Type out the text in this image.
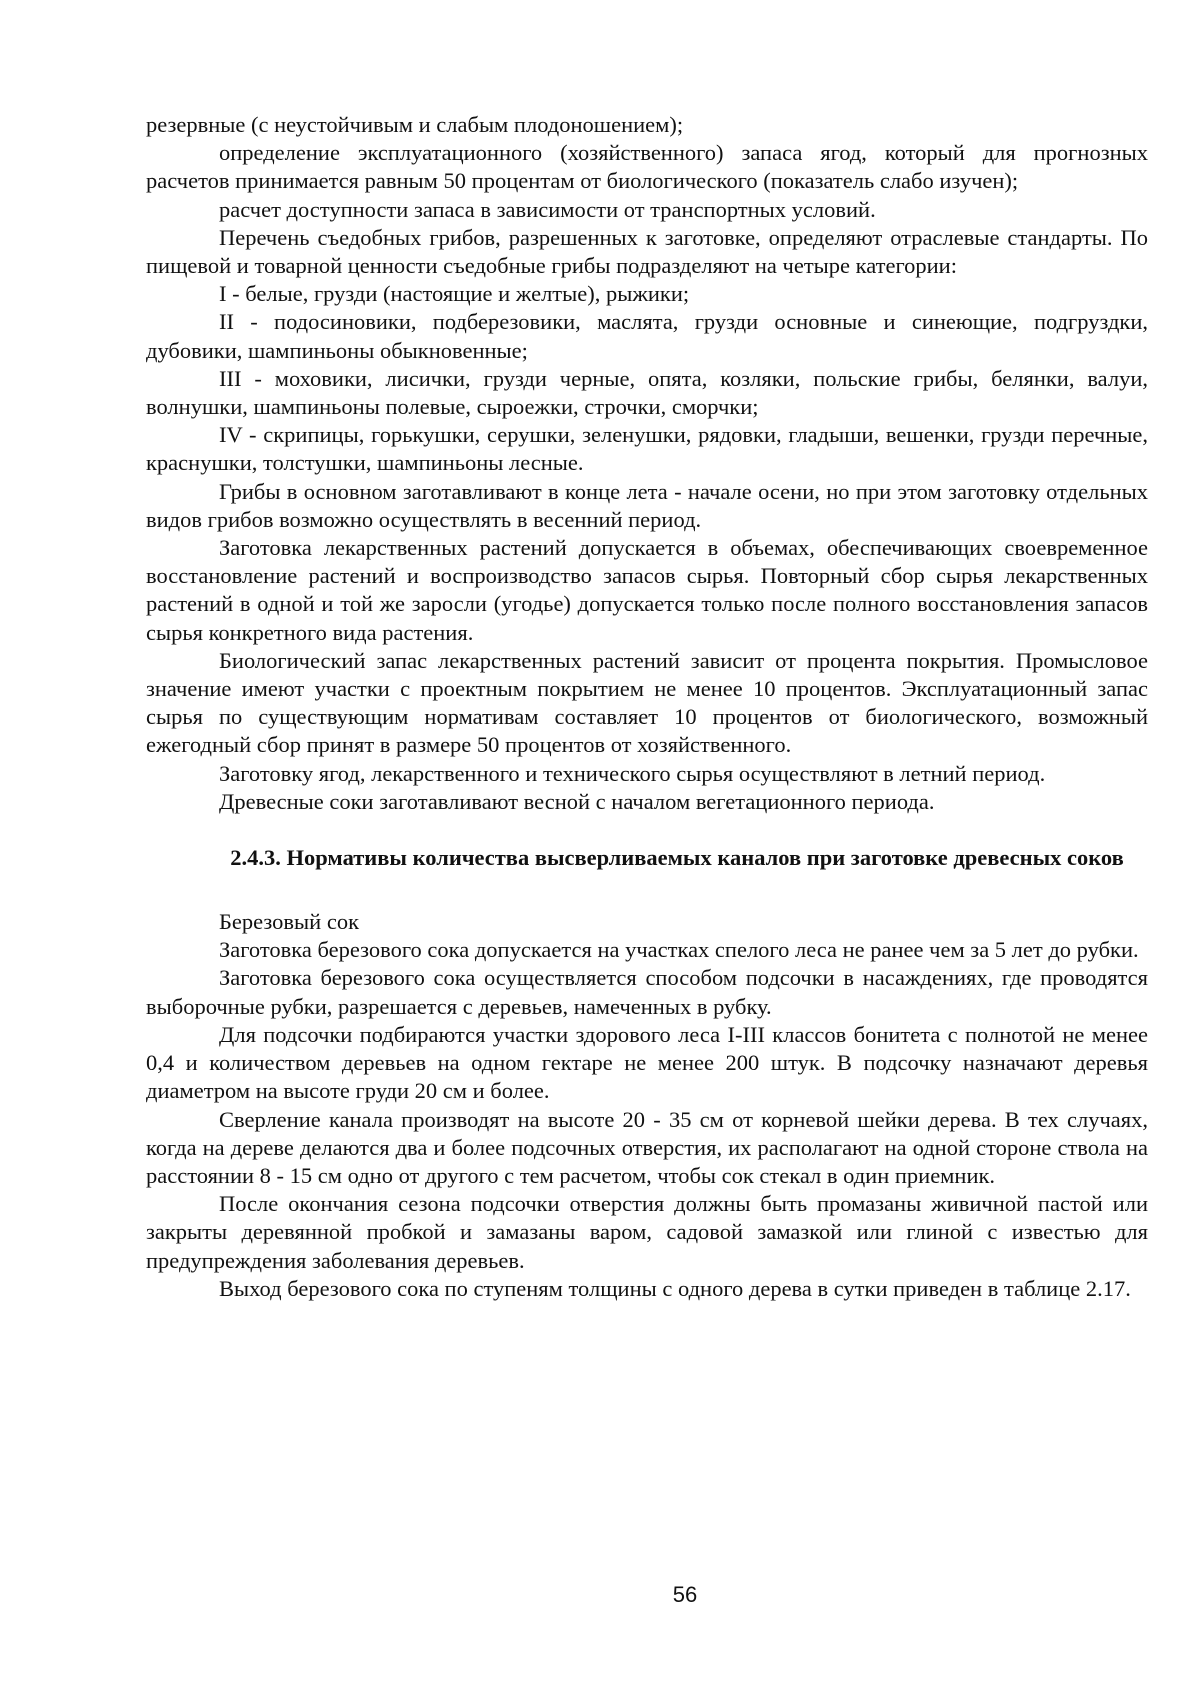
резервные (с неустойчивым и слабым плодоношением);

определение эксплуатационного (хозяйственного) запаса ягод, который для прогнозных расчетов принимается равным 50 процентам от биологического (показатель слабо изучен);

расчет доступности запаса в зависимости от транспортных условий.

Перечень съедобных грибов, разрешенных к заготовке, определяют отраслевые стандарты. По пищевой и товарной ценности съедобные грибы подразделяют на четыре категории:

I - белые, грузди (настоящие и желтые), рыжики;

II - подосиновики, подберезовики, маслята, грузди основные и синеющие, подгруздки, дубовики, шампиньоны обыкновенные;

III - моховики, лисички, грузди черные, опята, козляки, польские грибы, белянки, валуи, волнушки, шампиньоны полевые, сыроежки, строчки, сморчки;

IV - скрипицы, горькушки, серушки, зеленушки, рядовки, гладыши, вешенки, грузди перечные, краснушки, толстушки, шампиньоны лесные.

Грибы в основном заготавливают в конце лета - начале осени, но при этом заготовку отдельных видов грибов возможно осуществлять в весенний период.

Заготовка лекарственных растений допускается в объемах, обеспечивающих своевременное восстановление растений и воспроизводство запасов сырья. Повторный сбор сырья лекарственных растений в одной и той же заросли (угодье) допускается только после полного восстановления запасов сырья конкретного вида растения.

Биологический запас лекарственных растений зависит от процента покрытия. Промысловое значение имеют участки с проектным покрытием не менее 10 процентов. Эксплуатационный запас сырья по существующим нормативам составляет 10 процентов от биологического, возможный ежегодный сбор принят в размере 50 процентов от хозяйственного.

Заготовку ягод, лекарственного и технического сырья осуществляют в летний период.

Древесные соки заготавливают весной с началом вегетационного периода.

2.4.3. Нормативы количества высверливаемых каналов при заготовке древесных соков

Березовый сок

Заготовка березового сока допускается на участках спелого леса не ранее чем за 5 лет до рубки.

Заготовка березового сока осуществляется способом подсочки в насаждениях, где проводятся выборочные рубки, разрешается с деревьев, намеченных в рубку.

Для подсочки подбираются участки здорового леса I-III классов бонитета с полнотой не менее 0,4 и количеством деревьев на одном гектаре не менее 200 штук. В подсочку назначают деревья диаметром на высоте груди 20 см и более.

Сверление канала производят на высоте 20 - 35 см от корневой шейки дерева. В тех случаях, когда на дереве делаются два и более подсочных отверстия, их располагают на одной стороне ствола на расстоянии 8 - 15 см одно от другого с тем расчетом, чтобы сок стекал в один приемник.

После окончания сезона подсочки отверстия должны быть промазаны живичной пастой или закрыты деревянной пробкой и замазаны варом, садовой замазкой или глиной с известью для предупреждения заболевания деревьев.

Выход березового сока по ступеням толщины с одного дерева в сутки приведен в таблице 2.17.

56
